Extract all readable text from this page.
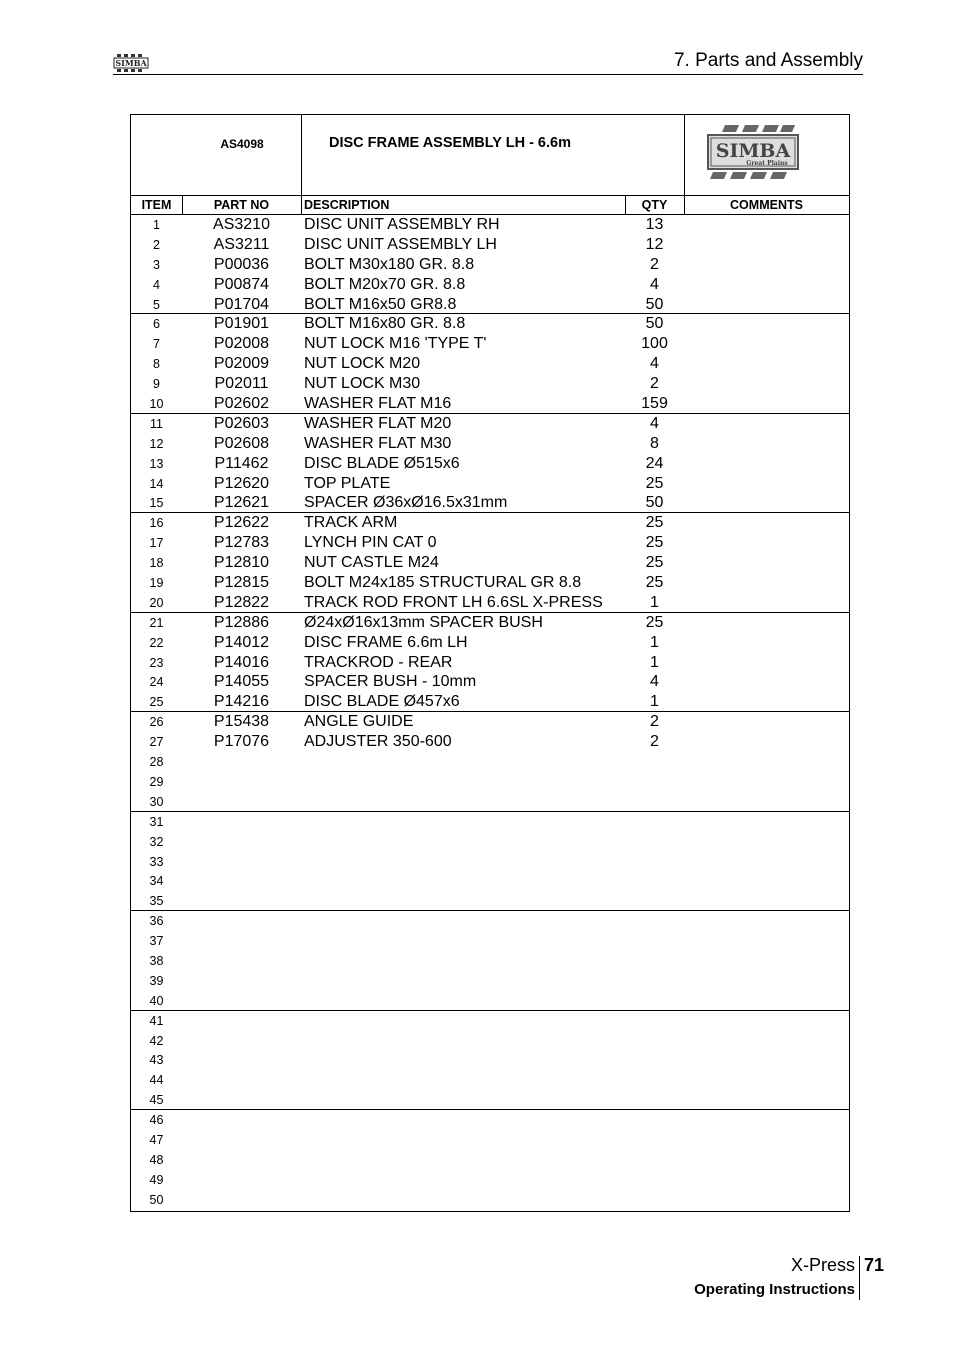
SIMBA	7. Parts and Assembly
AS4098	DISC FRAME ASSEMBLY LH - 6.6m	SIMBA
Great Plains
ITEM	PART NO	DESCRIPTION	QTY	COMMENTS
1	AS3210	DISC UNIT ASSEMBLY RH	13
2	AS3211	DISC UNIT ASSEMBLY LH	12
3	P00036	BOLT M30x180 GR. 8.8	2
4	P00874	BOLT M20x70 GR. 8.8	4
5	P01704	BOLT M16x50 GR8.8	50
6	P01901	BOLT M16x80 GR. 8.8	50
7	P02008	NUT LOCK M16 'TYPE T'	100
8	P02009	NUT LOCK M20	4
9	P02011	NUT LOCK M30	2
10	P02602	WASHER FLAT M16	159
11	P02603	WASHER FLAT M20	4
12	P02608	WASHER FLAT M30	8
13	P11462	DISC BLADE Ø515x6	24
14	P12620	TOP PLATE	25
15	P12621	SPACER Ø36xØ16.5x31mm	50
16	P12622	TRACK ARM	25
17	P12783	LYNCH PIN CAT 0	25
18	P12810	NUT CASTLE M24	25
19	P12815	BOLT M24x185 STRUCTURAL GR 8.8	25
20	P12822	TRACK ROD FRONT LH 6.6SL X-PRESS	1
21	P12886	Ø24xØ16x13mm SPACER BUSH	25
22	P14012	DISC FRAME 6.6m LH	1
23	P14016	TRACKROD - REAR	1
24	P14055	SPACER BUSH - 10mm	4
25	P14216	DISC BLADE Ø457x6	1
26	P15438	ANGLE GUIDE	2
27	P17076	ADJUSTER 350-600	2
28
29
30
31
32
33
34
35
36
37
38
39
40
41
42
43
44
45
46
47
48
49
50
X-Press 71
Operating Instructions
